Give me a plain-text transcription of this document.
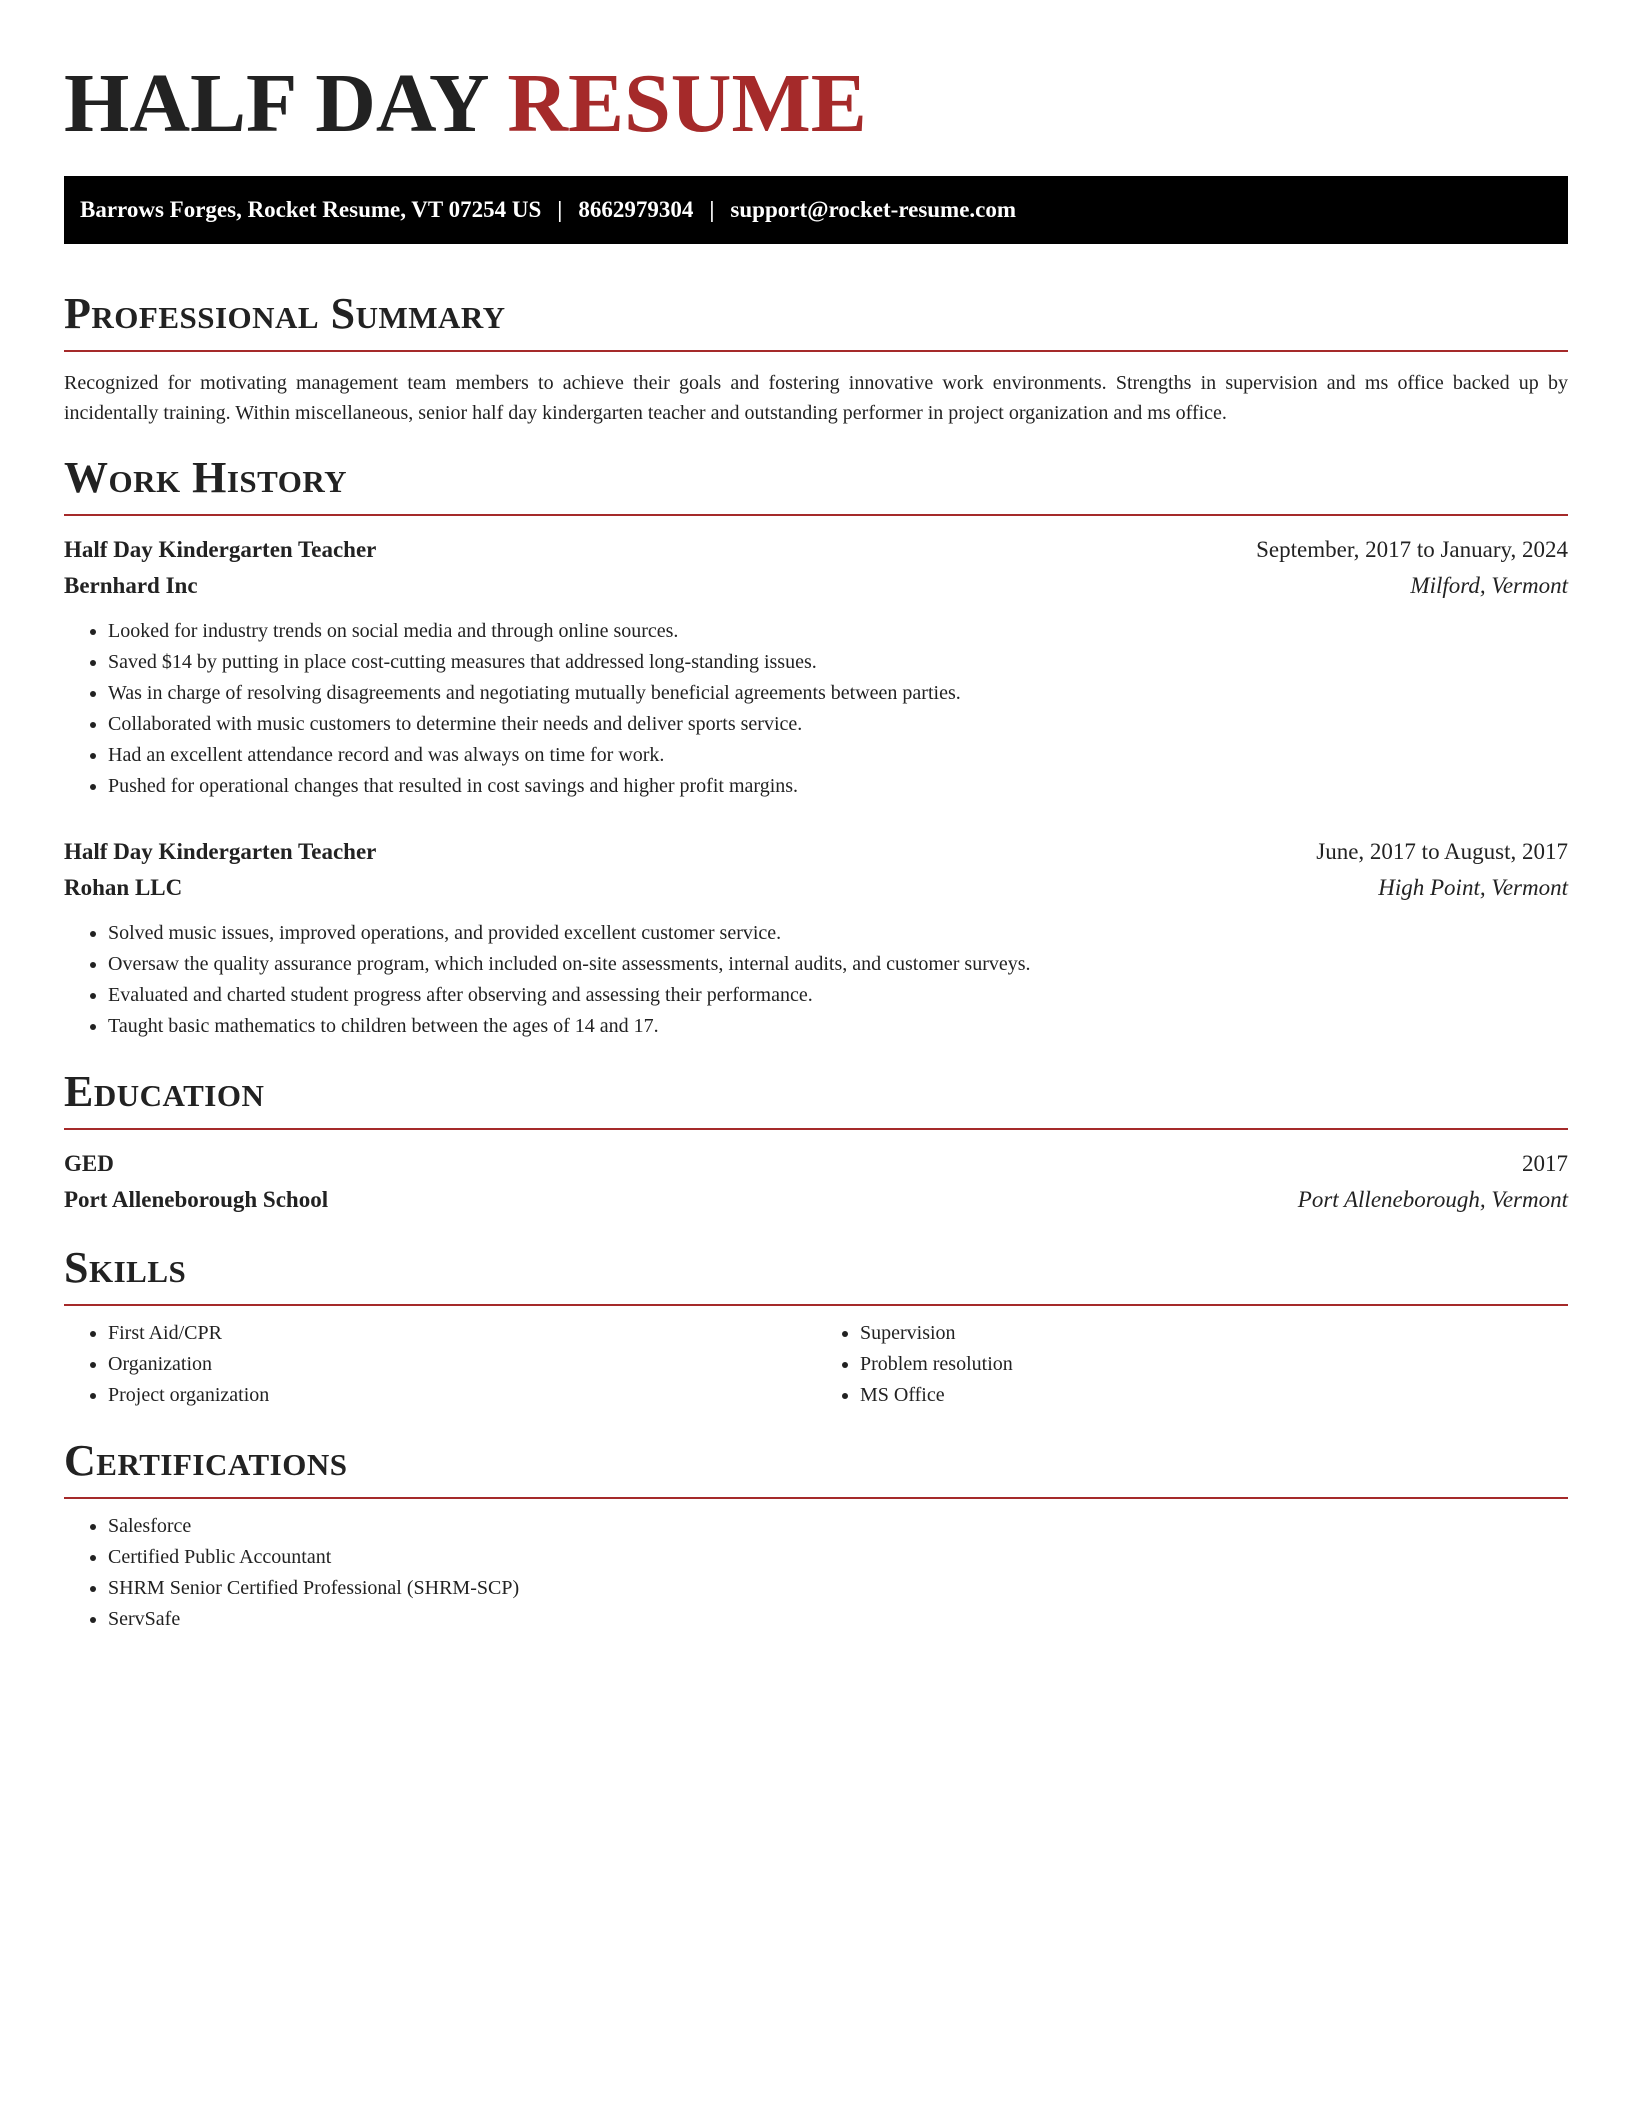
HALF DAY RESUME
Barrows Forges, Rocket Resume, VT 07254 US | 8662979304 | support@rocket-resume.com
Professional Summary

Recognized for motivating management team members to achieve their goals and fostering innovative work environments. Strengths in supervision and ms office backed up by incidentally training. Within miscellaneous, senior half day kindergarten teacher and outstanding performer in project organization and ms office.

Work History
Half Day Kindergarten Teacher	September, 2017 to January, 2024
Bernhard Inc	Milford, Vermont
• Looked for industry trends on social media and through online sources.
• Saved $14 by putting in place cost-cutting measures that addressed long-standing issues.
• Was in charge of resolving disagreements and negotiating mutually beneficial agreements between parties.
• Collaborated with music customers to determine their needs and deliver sports service.
• Had an excellent attendance record and was always on time for work.
• Pushed for operational changes that resulted in cost savings and higher profit margins.
Half Day Kindergarten Teacher	June, 2017 to August, 2017
Rohan LLC	High Point, Vermont
• Solved music issues, improved operations, and provided excellent customer service.
• Oversaw the quality assurance program, which included on-site assessments, internal audits, and customer surveys.
• Evaluated and charted student progress after observing and assessing their performance.
• Taught basic mathematics to children between the ages of 14 and 17.
Education
GED	2017
Port Alleneborough School	Port Alleneborough, Vermont
Skills
• First Aid/CPR
• Organization
• Project organization
• Supervision
• Problem resolution
• MS Office
Certifications
• Salesforce
• Certified Public Accountant
• SHRM Senior Certified Professional (SHRM-SCP)
• ServSafe
